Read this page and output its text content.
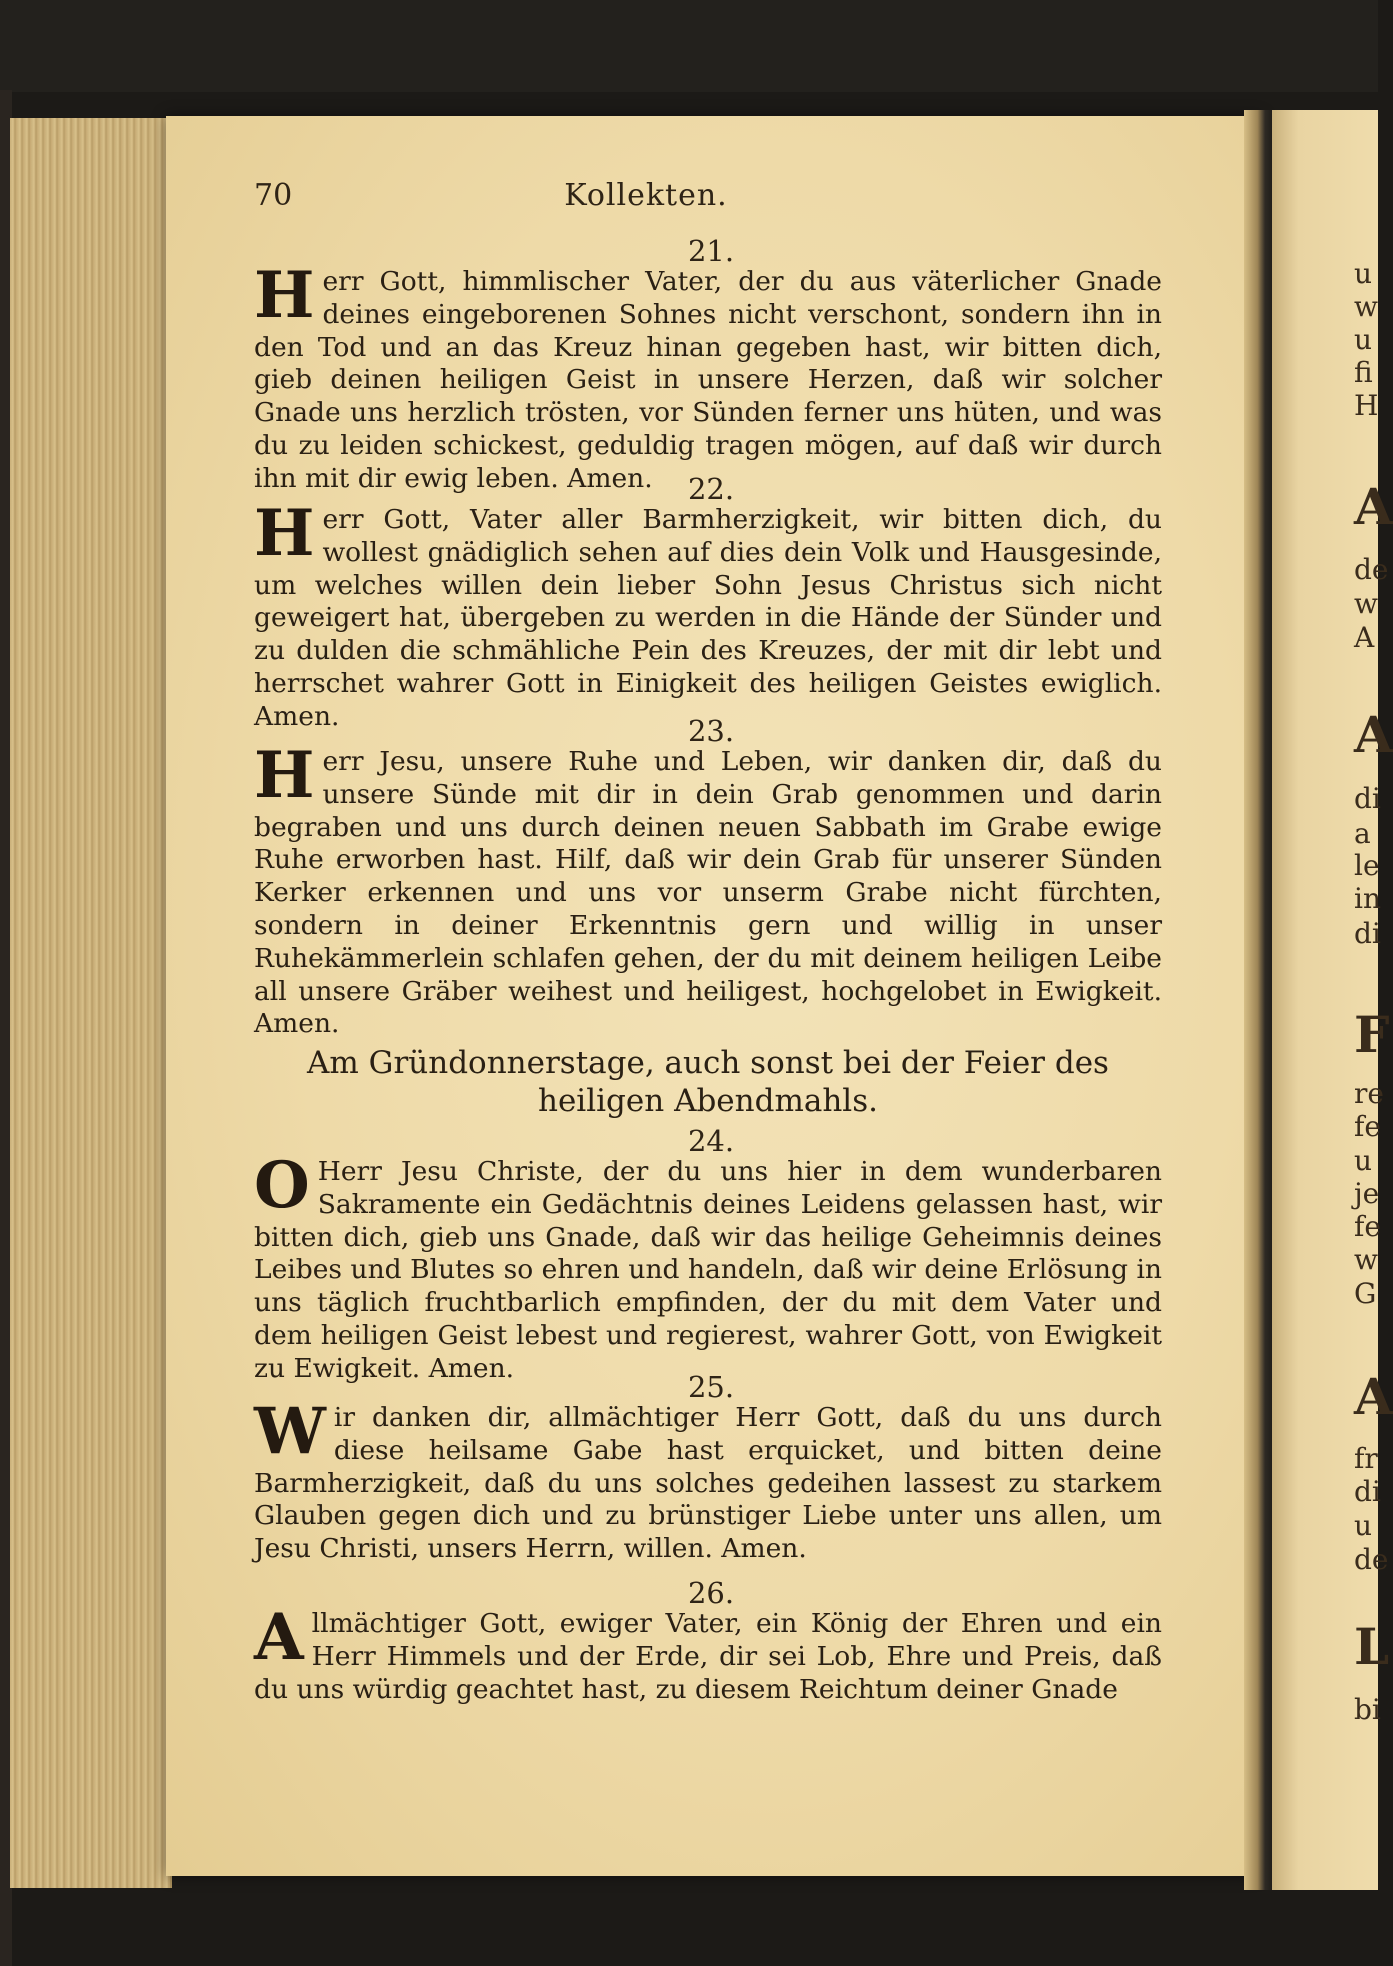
70	Kollekten.
21.

Herr Gott, himmlischer Vater, der du aus väterlicher Gnade deines eingeborenen Sohnes nicht verschont, sondern ihn in den Tod und an das Kreuz hinan gegeben hast, wir bitten dich, gieb deinen heiligen Geist in unsere Herzen, daß wir solcher Gnade uns herzlich trösten, vor Sünden ferner uns hüten, und was du zu leiden schickest, geduldig tragen mögen, auf daß wir durch ihn mit dir ewig leben. Amen.	22.

Herr Gott, Vater aller Barmherzigkeit, wir bitten dich, du wollest gnädiglich sehen auf dies dein Volk und Hausgesinde, um welches willen dein lieber Sohn Jesus Christus sich nicht geweigert hat, übergeben zu werden in die Hände der Sünder und zu dulden die schmähliche Pein des Kreuzes, der mit dir lebt und herrschet wahrer Gott in Einigkeit des heiligen Geistes ewiglich. Amen.	23.

Herr Jesu, unsere Ruhe und Leben, wir danken dir, daß du unsere Sünde mit dir in dein Grab genommen und darin begraben und uns durch deinen neuen Sabbath im Grabe ewige Ruhe erworben hast. Hilf, daß wir dein Grab für unserer Sünden Kerker erkennen und uns vor unserm Grabe nicht fürchten, sondern in deiner Erkenntnis gern und willig in unser Ruhekämmerlein schlafen gehen, der du mit deinem heiligen Leibe all unsere Gräber weihest und heiligest, hochgelobet in Ewigkeit. Amen.

Am Gründonnerstage, auch sonst bei der Feier des heiligen Abendmahls.

24.

O Herr Jesu Christe, der du uns hier in dem wunderbaren Sakramente ein Gedächtnis deines Leidens gelassen hast, wir bitten dich, gieb uns Gnade, daß wir das heilige Geheimnis deines Leibes und Blutes so ehren und handeln, daß wir deine Erlösung in uns täglich fruchtbarlich empfinden, der du mit dem Vater und dem heiligen Geist lebest und regierest, wahrer Gott, von Ewigkeit zu Ewigkeit. Amen.

25.

Wir danken dir, allmächtiger Herr Gott, daß du uns durch diese heilsame Gabe hast erquicket, und bitten deine Barmherzigkeit, daß du uns solches gedeihen lassest zu starkem Glauben gegen dich und zu brünstiger Liebe unter uns allen, um Jesu Christi, unsers Herrn, willen. Amen.

26.

Allmächtiger Gott, ewiger Vater, ein König der Ehren und ein Herr Himmels und der Erde, dir sei Lob, Ehre und Preis, daß du uns würdig geachtet hast, zu diesem Reichtum deiner Gnade

u
w
u
fi
H
A
de
w
A
A
di
a
le
in
di
F
re
fe
u
je
fe
w
G
A
fr
di
u
de
L
bi
